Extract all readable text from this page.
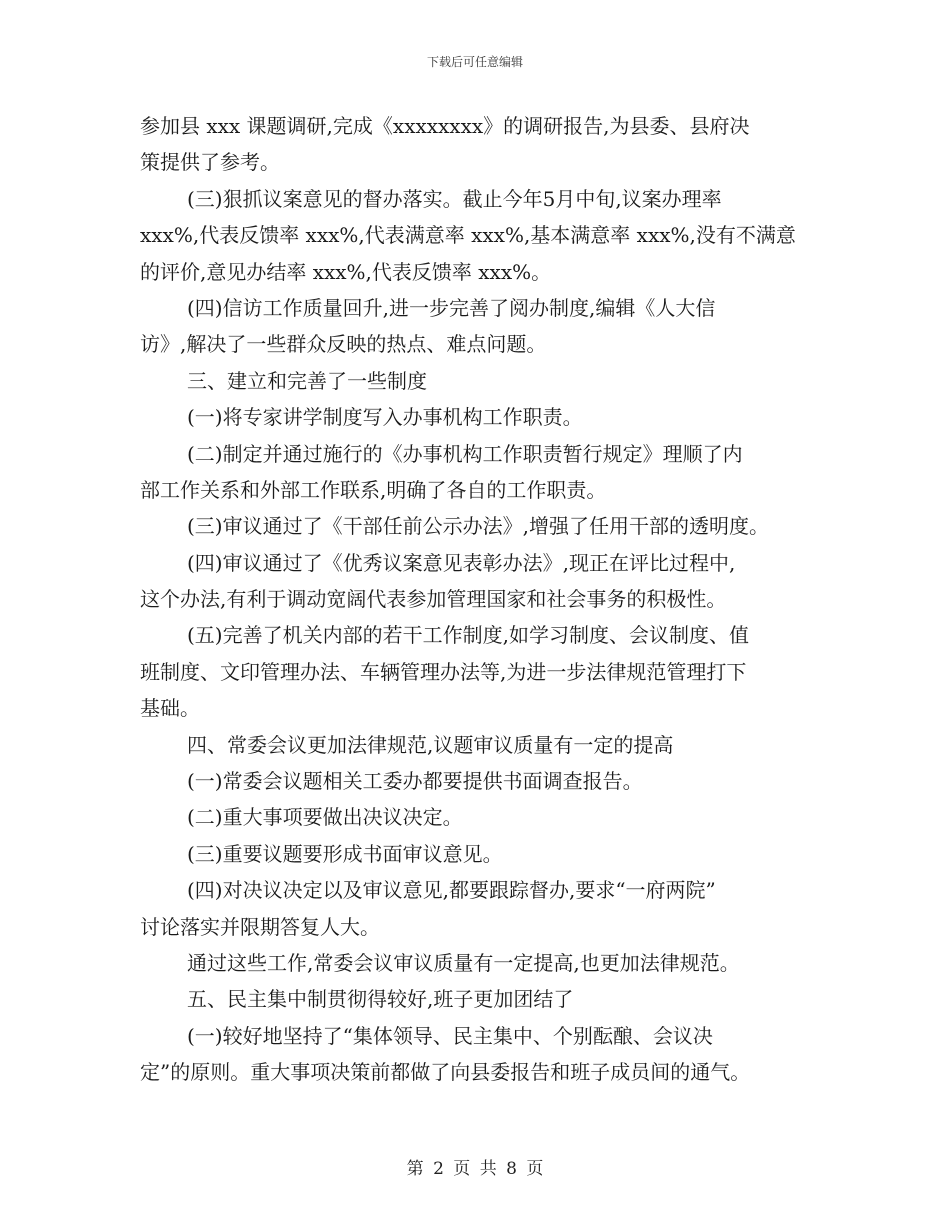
下载后可任意编辑
参加县 xxx 课题调研,完成《xxxxxxxx》的调研报告,为县委、县府决
策提供了参考。
(三)狠抓议案意见的督办落实。截止今年5月中旬,议案办理率
xxx%,代表反馈率 xxx%,代表满意率 xxx%,基本满意率 xxx%,没有不满意
的评价,意见办结率 xxx%,代表反馈率 xxx%。
(四)信访工作质量回升,进一步完善了阅办制度,编辑《人大信
访》,解决了一些群众反映的热点、难点问题。
三、建立和完善了一些制度
(一)将专家讲学制度写入办事机构工作职责。
(二)制定并通过施行的《办事机构工作职责暂行规定》理顺了内
部工作关系和外部工作联系,明确了各自的工作职责。
(三)审议通过了《干部任前公示办法》,增强了任用干部的透明度。
(四)审议通过了《优秀议案意见表彰办法》,现正在评比过程中,
这个办法,有利于调动宽阔代表参加管理国家和社会事务的积极性。
(五)完善了机关内部的若干工作制度,如学习制度、会议制度、值
班制度、文印管理办法、车辆管理办法等,为进一步法律规范管理打下
基础。
四、常委会议更加法律规范,议题审议质量有一定的提高
(一)常委会议题相关工委办都要提供书面调查报告。
(二)重大事项要做出决议决定。
(三)重要议题要形成书面审议意见。
(四)对决议决定以及审议意见,都要跟踪督办,要求“一府两院”
讨论落实并限期答复人大。
通过这些工作,常委会议审议质量有一定提高,也更加法律规范。
五、民主集中制贯彻得较好,班子更加团结了
(一)较好地坚持了“集体领导、民主集中、个别酝酿、会议决
定”的原则。重大事项决策前都做了向县委报告和班子成员间的通气。
第 2 页 共 8 页
